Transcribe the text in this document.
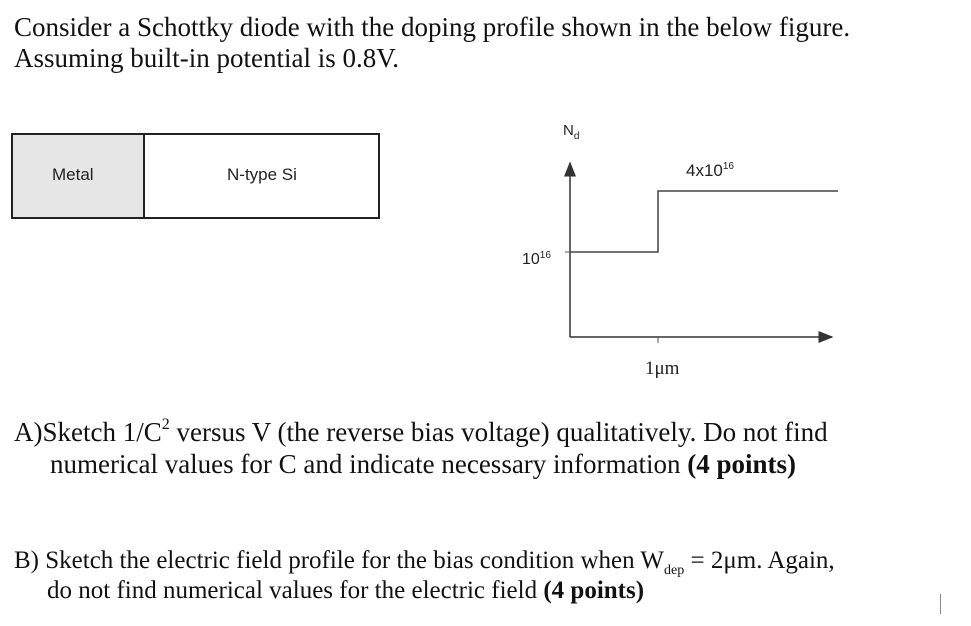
Consider a Schottky diode with the doping profile shown in the below figure.
Assuming built-in potential is 0.8V.
Metal	N-type Si
$N_d$
$4x10^{16}$
$10^{16}$
1μm
A)Sketch $1/C^2$ versus V (the reverse bias voltage) qualitatively. Do not find
numerical values for C and indicate necessary information (4 points)
B) Sketch the electric field profile for the bias condition when $W_{dep} = 2\mu m$. Again,
do not find numerical values for the electric field (4 points)
